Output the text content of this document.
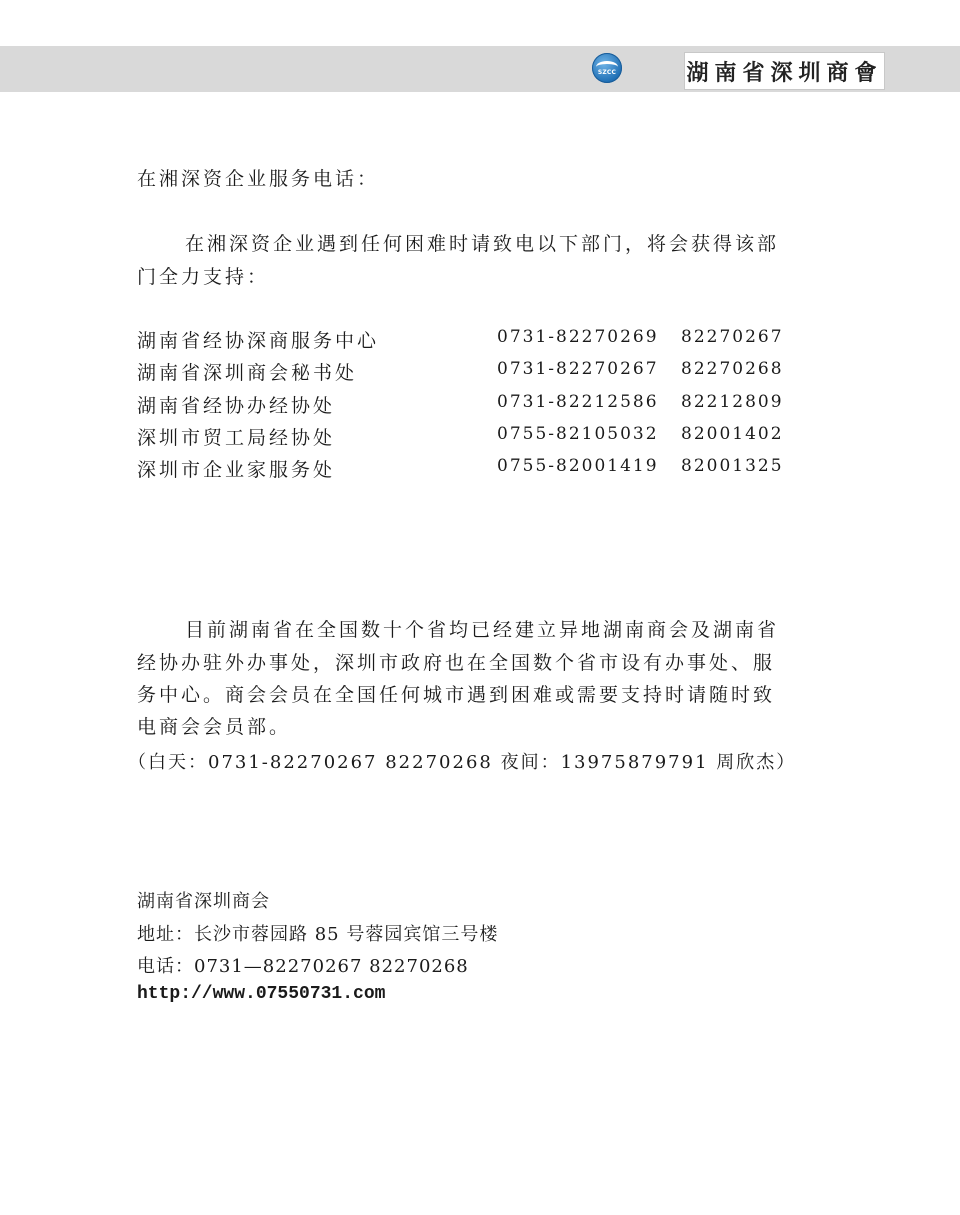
SZCC	湖南省深圳商會
在湘深资企业服务电话：
在湘深资企业遇到任何困难时请致电以下部门，将会获得该部
门全力支持：
湖南省经协深商服务中心	0731-82270269 82270267
湖南省深圳商会秘书处	0731-82270267 82270268
湖南省经协办经协处	0731-82212586 82212809
深圳市贸工局经协处	0755-82105032 82001402
深圳市企业家服务处	0755-82001419 82001325
目前湖南省在全国数十个省均已经建立异地湖南商会及湖南省
经协办驻外办事处，深圳市政府也在全国数个省市设有办事处、服
务中心。商会会员在全国任何城市遇到困难或需要支持时请随时致
电商会会员部。
（白天：0731-82270267 82270268 夜间：13975879791 周欣杰）
湖南省深圳商会
地址：长沙市蓉园路 85 号蓉园宾馆三号楼
电话：0731—82270267 82270268
http://www.07550731.com
